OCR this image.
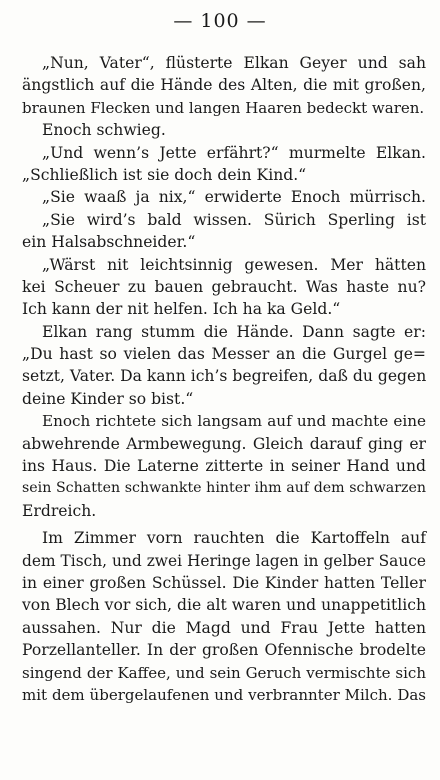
— 100 —
„Nun, Vater“, flüsterte Elkan Geyer und sah
ängstlich auf die Hände des Alten, die mit großen,
braunen Flecken und langen Haaren bedeckt waren.
Enoch schwieg.
„Und wenn’s Jette erfährt?“ murmelte Elkan.
„Schließlich ist sie doch dein Kind.“
„Sie waaß ja nix,“ erwiderte Enoch mürrisch.
„Sie wird’s bald wissen. Sürich Sperling ist
ein Halsabschneider.“
„Wärst nit leichtsinnig gewesen. Mer hätten
kei Scheuer zu bauen gebraucht. Was haste nu?
Ich kann der nit helfen. Ich ha ka Geld.“
Elkan rang stumm die Hände. Dann sagte er:
„Du hast so vielen das Messer an die Gurgel ge=
setzt, Vater. Da kann ich’s begreifen, daß du gegen
deine Kinder so bist.“
Enoch richtete sich langsam auf und machte eine
abwehrende Armbewegung. Gleich darauf ging er
ins Haus. Die Laterne zitterte in seiner Hand und
sein Schatten schwankte hinter ihm auf dem schwarzen
Erdreich.
Im Zimmer vorn rauchten die Kartoffeln auf
dem Tisch, und zwei Heringe lagen in gelber Sauce
in einer großen Schüssel. Die Kinder hatten Teller
von Blech vor sich, die alt waren und unappetitlich
aussahen. Nur die Magd und Frau Jette hatten
Porzellanteller. In der großen Ofennische brodelte
singend der Kaffee, und sein Geruch vermischte sich
mit dem übergelaufenen und verbrannter Milch. Das
